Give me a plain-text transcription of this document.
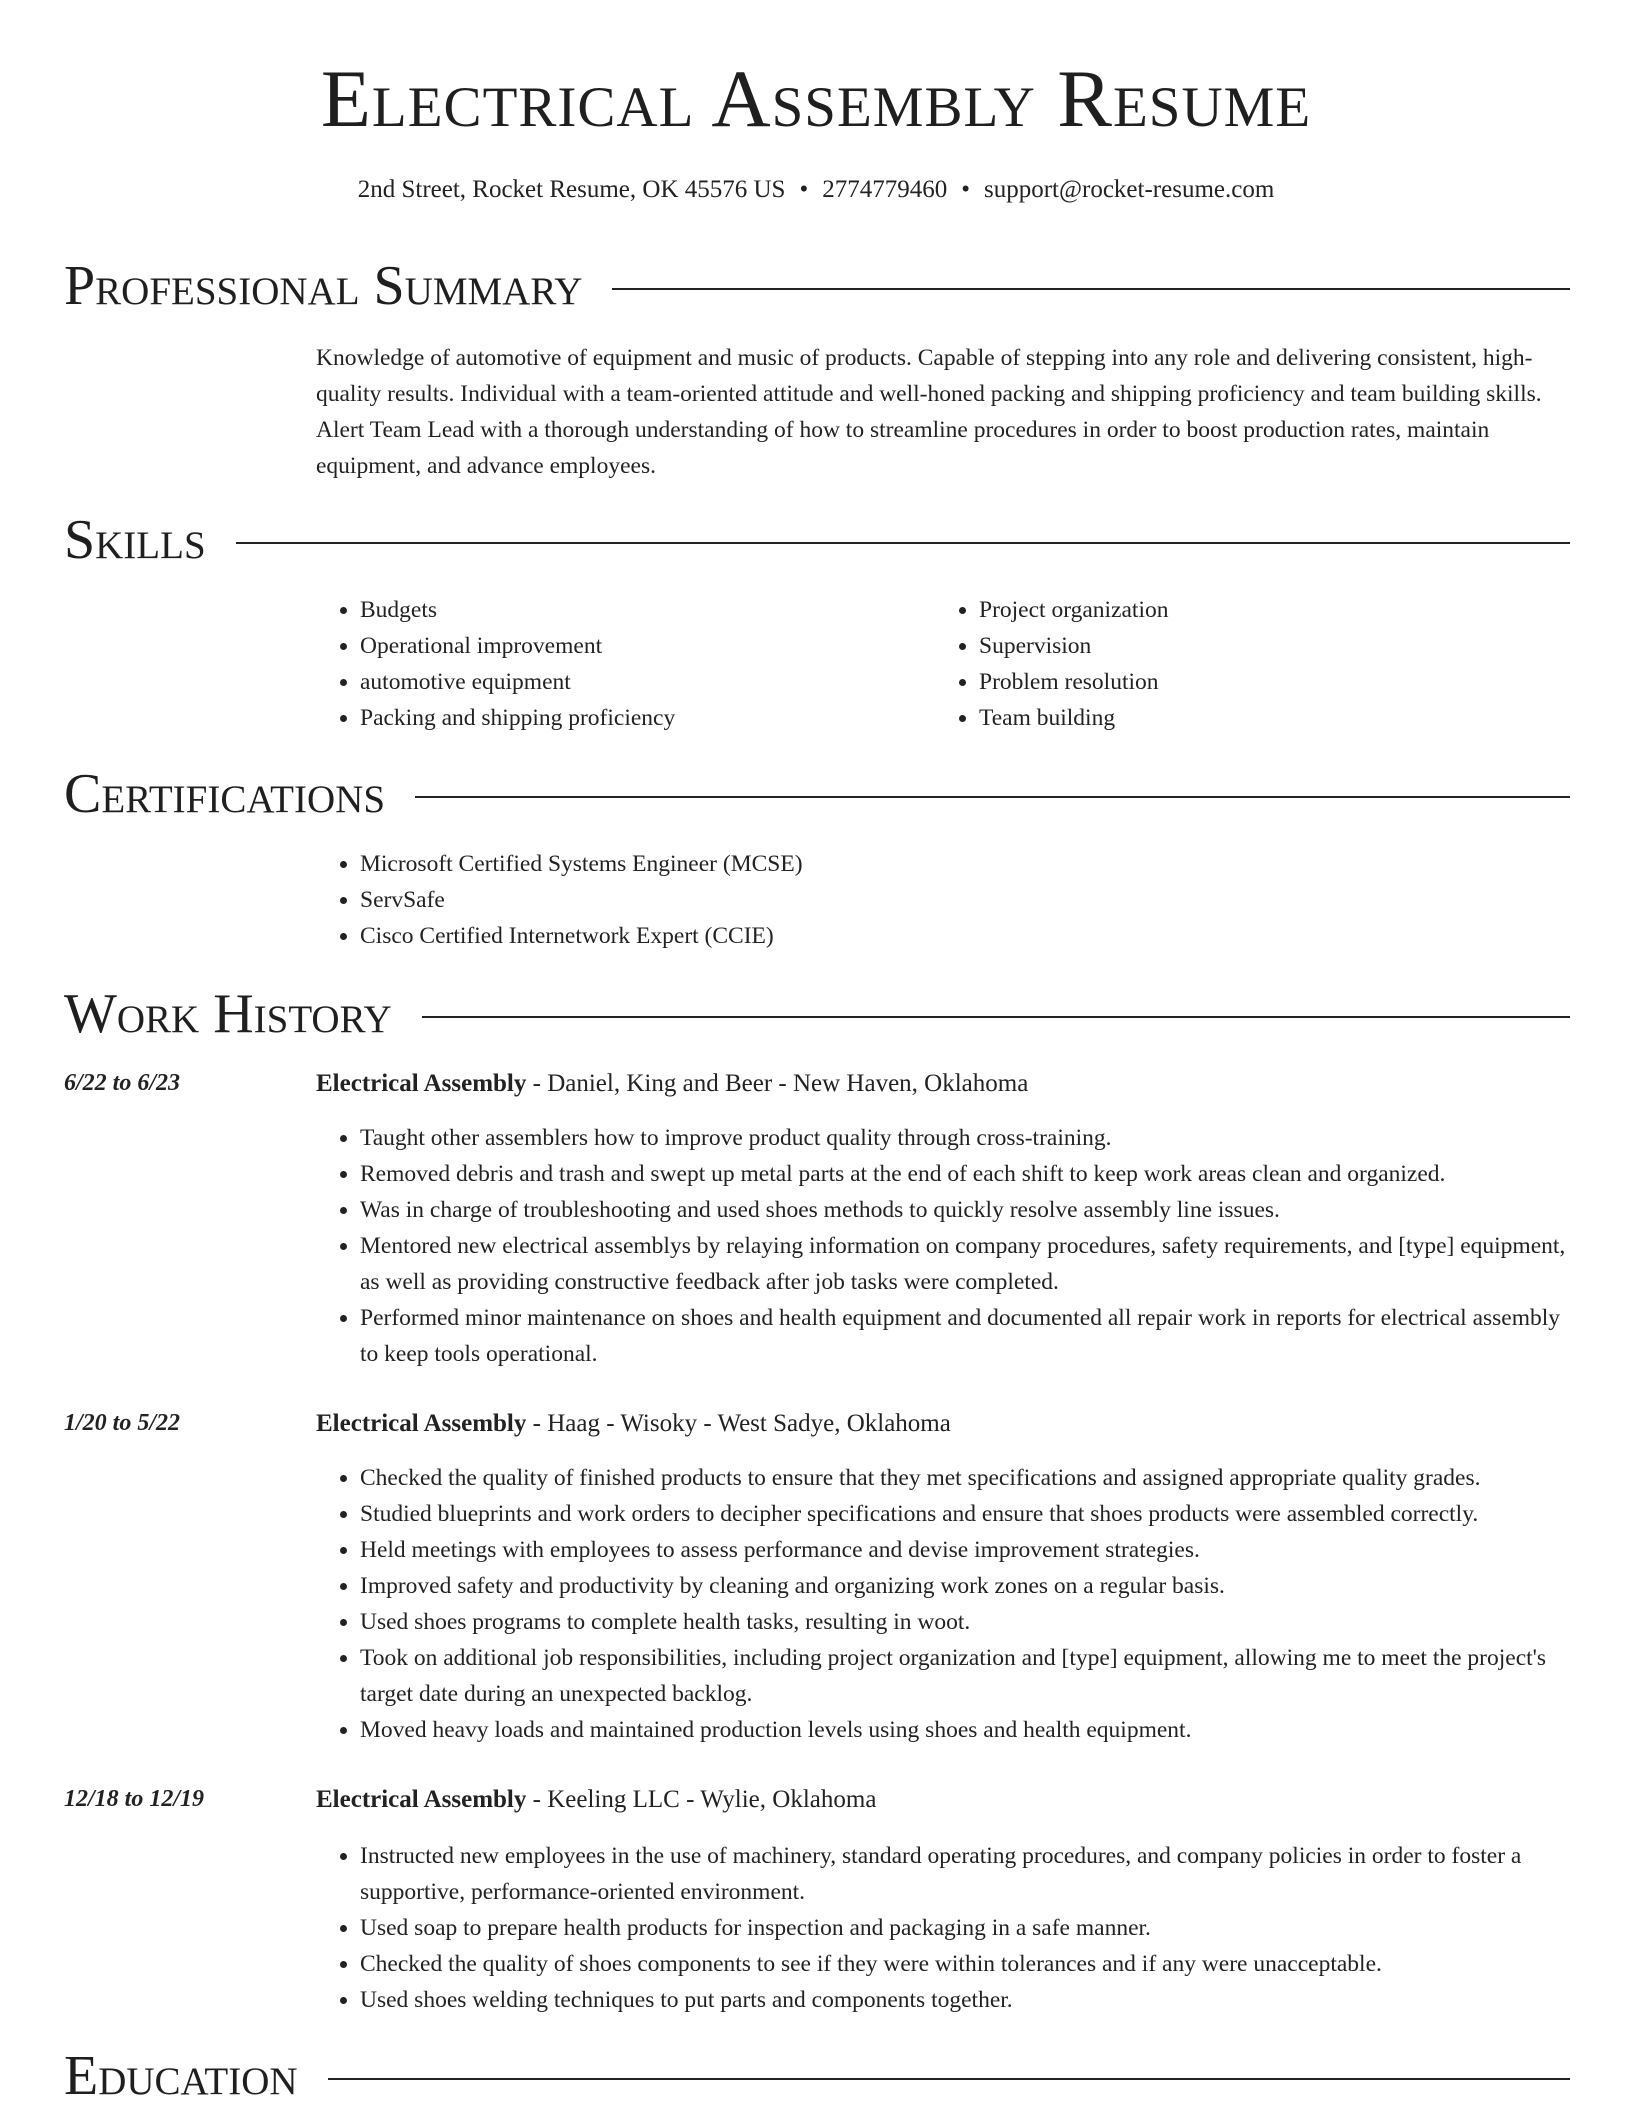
Electrical Assembly Resume
2nd Street, Rocket Resume, OK 45576 US • 2774779460 • support@rocket-resume.com
Professional Summary
Knowledge of automotive of equipment and music of products. Capable of stepping into any role and delivering consistent, high-quality results. Individual with a team-oriented attitude and well-honed packing and shipping proficiency and team building skills. Alert Team Lead with a thorough understanding of how to streamline procedures in order to boost production rates, maintain equipment, and advance employees.
Skills
• Budgets
• Operational improvement
• automotive equipment
• Packing and shipping proficiency
• Project organization
• Supervision
• Problem resolution
• Team building
Certifications
• Microsoft Certified Systems Engineer (MCSE)
• ServSafe
• Cisco Certified Internetwork Expert (CCIE)
Work History
6/22 to 6/23	Electrical Assembly - Daniel, King and Beer - New Haven, Oklahoma
• Taught other assemblers how to improve product quality through cross-training.
• Removed debris and trash and swept up metal parts at the end of each shift to keep work areas clean and organized.
• Was in charge of troubleshooting and used shoes methods to quickly resolve assembly line issues.
• Mentored new electrical assemblys by relaying information on company procedures, safety requirements, and [type] equipment, as well as providing constructive feedback after job tasks were completed.
• Performed minor maintenance on shoes and health equipment and documented all repair work in reports for electrical assembly to keep tools operational.
1/20 to 5/22	Electrical Assembly - Haag - Wisoky - West Sadye, Oklahoma
• Checked the quality of finished products to ensure that they met specifications and assigned appropriate quality grades.
• Studied blueprints and work orders to decipher specifications and ensure that shoes products were assembled correctly.
• Held meetings with employees to assess performance and devise improvement strategies.
• Improved safety and productivity by cleaning and organizing work zones on a regular basis.
• Used shoes programs to complete health tasks, resulting in woot.
• Took on additional job responsibilities, including project organization and [type] equipment, allowing me to meet the project's target date during an unexpected backlog.
• Moved heavy loads and maintained production levels using shoes and health equipment.
12/18 to 12/19	Electrical Assembly - Keeling LLC - Wylie, Oklahoma
• Instructed new employees in the use of machinery, standard operating procedures, and company policies in order to foster a supportive, performance-oriented environment.
• Used soap to prepare health products for inspection and packaging in a safe manner.
• Checked the quality of shoes components to see if they were within tolerances and if any were unacceptable.
• Used shoes welding techniques to put parts and components together.
Education
